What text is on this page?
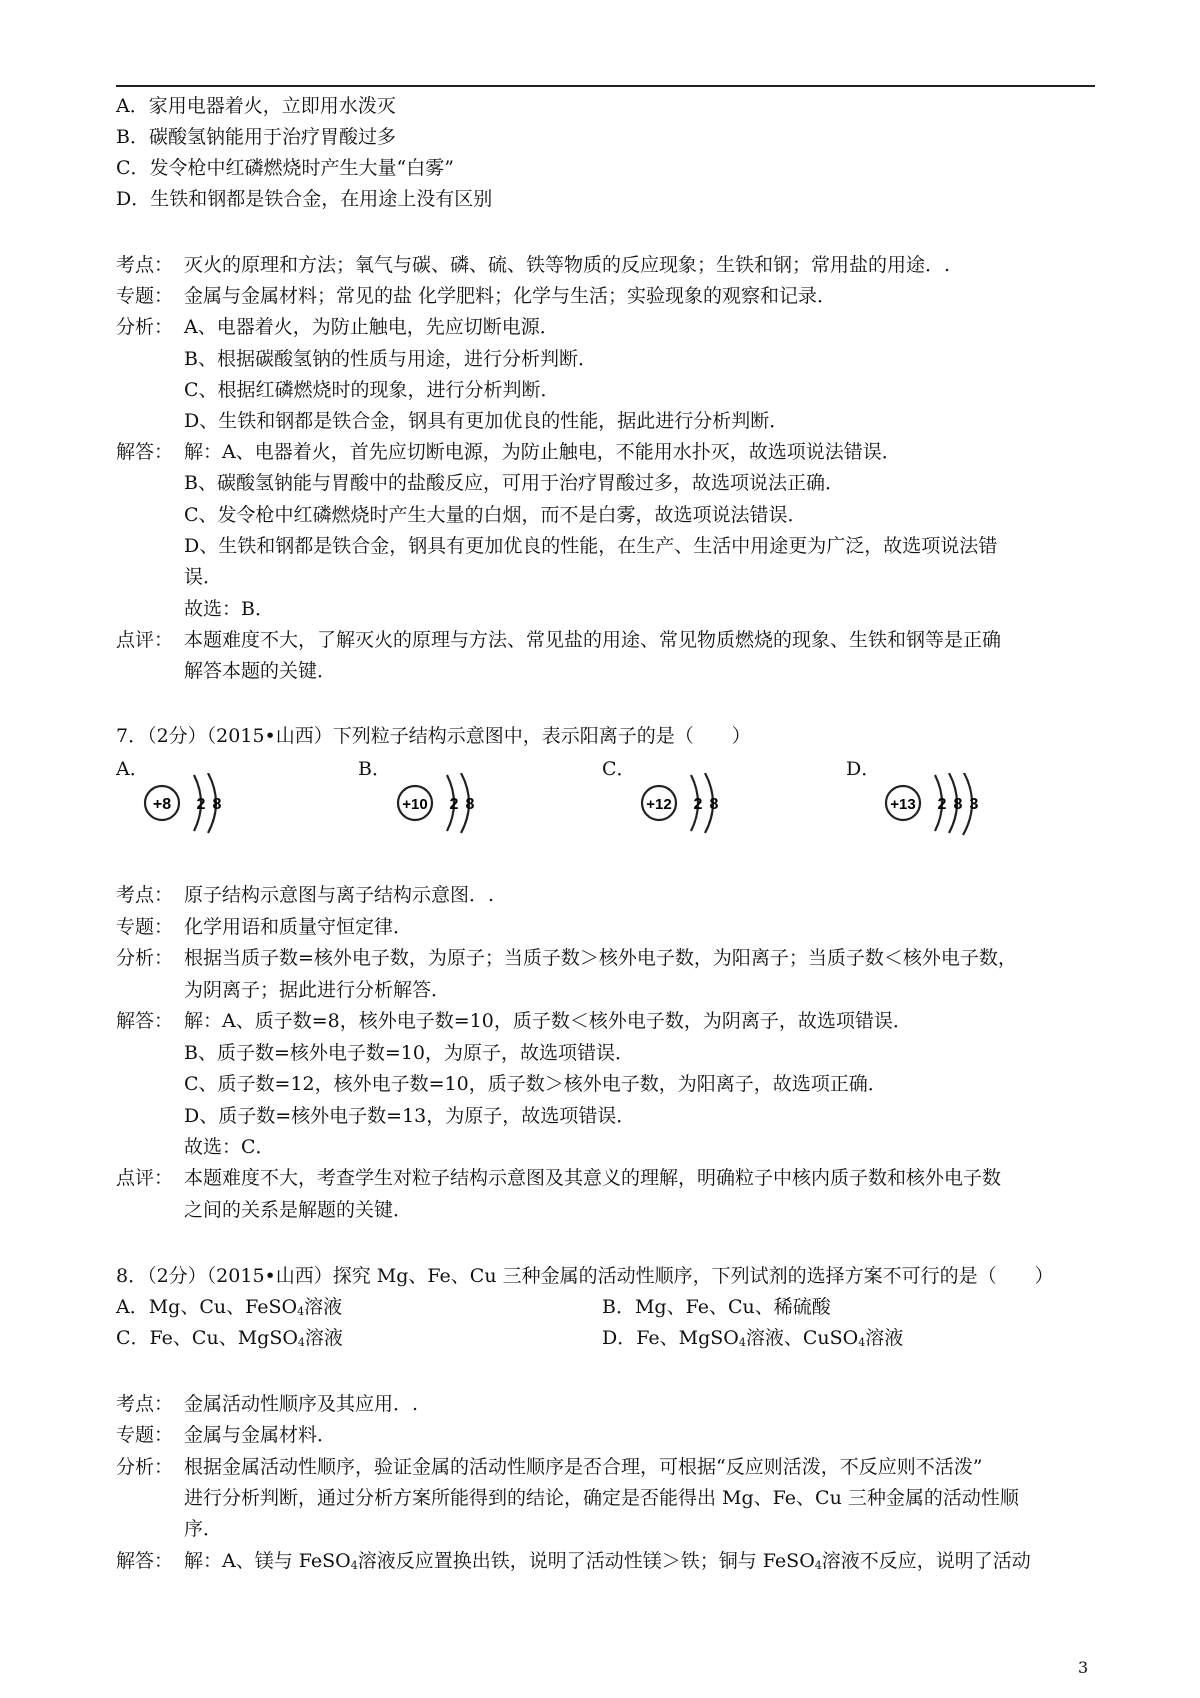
A．家用电器着火，立即用水泼灭
B．碳酸氢钠能用于治疗胃酸过多
C．发令枪中红磷燃烧时产生大量“白雾”
D．生铁和钢都是铁合金，在用途上没有区别
考点： 灭火的原理和方法；氧气与碳、磷、硫、铁等物质的反应现象；生铁和钢；常用盐的用途．.
专题： 金属与金属材料；常见的盐 化学肥料；化学与生活；实验现象的观察和记录．
分析： A、电器着火，为防止触电，先应切断电源．
B、根据碳酸氢钠的性质与用途，进行分析判断．
C、根据红磷燃烧时的现象，进行分析判断．
D、生铁和钢都是铁合金，钢具有更加优良的性能，据此进行分析判断．
解答： 解：A、电器着火，首先应切断电源，为防止触电，不能用水扑灭，故选项说法错误．
B、碳酸氢钠能与胃酸中的盐酸反应，可用于治疗胃酸过多，故选项说法正确．
C、发令枪中红磷燃烧时产生大量的白烟，而不是白雾，故选项说法错误．
D、生铁和钢都是铁合金，钢具有更加优良的性能，在生产、生活中用途更为广泛，故选项说法错
误．
故选：B．
点评： 本题难度不大，了解灭火的原理与方法、常见盐的用途、常见物质燃烧的现象、生铁和钢等是正确
解答本题的关键．
7．（2分）（2015•山西）下列粒子结构示意图中，表示阳离子的是（　　）
A．	B．	C．	D．
+8 2 8	+10 2 8	+12 2 8	+13 2 8 3
考点： 原子结构示意图与离子结构示意图．.
专题： 化学用语和质量守恒定律．
分析： 根据当质子数=核外电子数，为原子；当质子数＞核外电子数，为阳离子；当质子数＜核外电子数，
为阴离子；据此进行分析解答．
解答： 解：A、质子数=8，核外电子数=10，质子数＜核外电子数，为阴离子，故选项错误．
B、质子数=核外电子数=10，为原子，故选项错误．
C、质子数=12，核外电子数=10，质子数＞核外电子数，为阳离子，故选项正确．
D、质子数=核外电子数=13，为原子，故选项错误．
故选：C．
点评： 本题难度不大，考查学生对粒子结构示意图及其意义的理解，明确粒子中核内质子数和核外电子数
之间的关系是解题的关键．
8．（2分）（2015•山西）探究 Mg、Fe、Cu 三种金属的活动性顺序，下列试剂的选择方案不可行的是（　　）
A．Mg、Cu、FeSO$_4$溶液	B．Mg、Fe、Cu、稀硫酸
C．Fe、Cu、MgSO$_4$溶液	D．Fe、MgSO$_4$溶液、CuSO$_4$溶液
考点： 金属活动性顺序及其应用．.
专题： 金属与金属材料．
分析： 根据金属活动性顺序，验证金属的活动性顺序是否合理，可根据“反应则活泼，不反应则不活泼”
进行分析判断，通过分析方案所能得到的结论，确定是否能得出 Mg、Fe、Cu 三种金属的活动性顺
序．
解答： 解：A、镁与 FeSO$_4$溶液反应置换出铁，说明了活动性镁＞铁；铜与 FeSO$_4$溶液不反应，说明了活动
3
